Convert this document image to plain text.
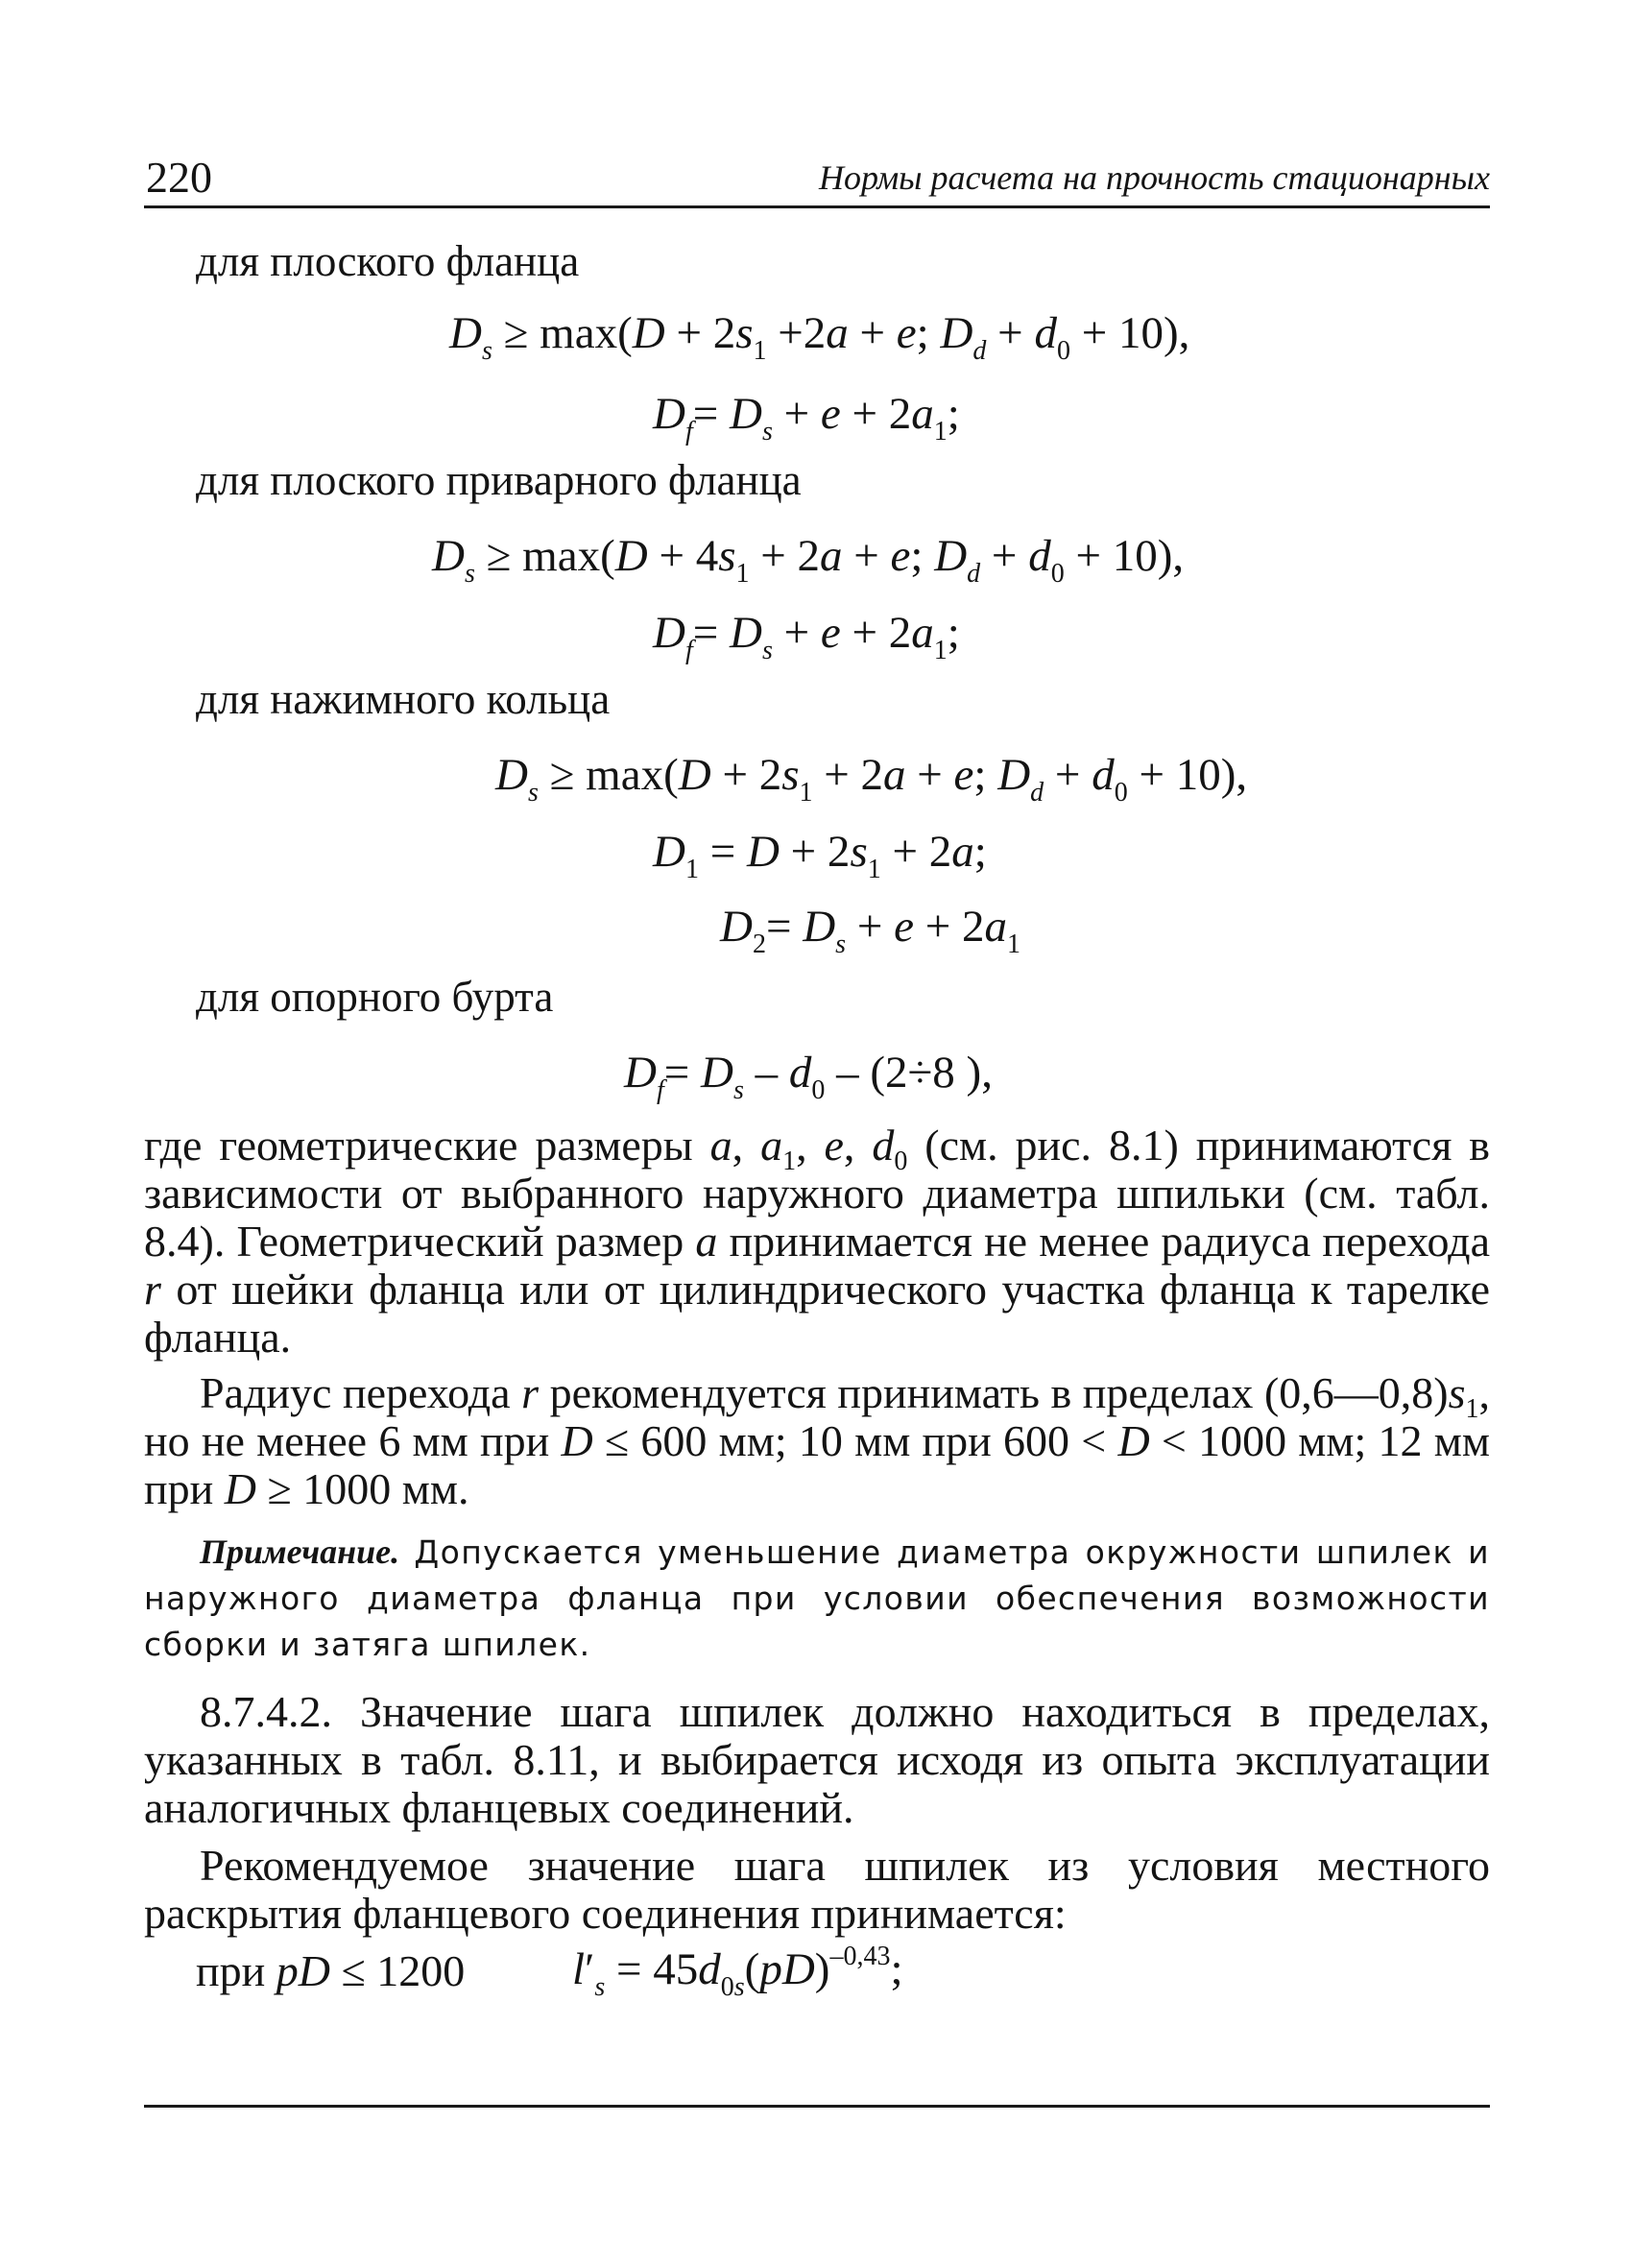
220	Нормы расчета на прочность стационарных
для плоского фланца
$D_s \ge \max(D + 2s_1 +2a + e$; $D_d + d_0 + 10$),
$D_f= D_s + e + 2a_1$;
для плоского приварного фланца
$D_s \ge \max(D + 4s_1 + 2a + e$; $D_d + d_0 + 10$),
$D_f= D_s + e + 2a_1$;
для нажимного кольца
$D_s \ge \max(D + 2s_1 + 2a + e$; $D_d + d_0 + 10$),
$D_1 = D + 2s_1 + 2a$;
$D_2= D_s + e + 2a_1$
для опорного бурта
$D_f= D_s - d_0 - (2\div 8$ ),
где геометрические размеры a, $a_1$, e, $d_0$ (см. рис. 8.1) принимаются в зависимости от выбранного наружного диаметра шпильки (см. табл. 8.4). Геометрический размер a принимается не менее радиуса перехода r от шейки фланца или от цилиндрического участка фланца к тарелке фланца.
Радиус перехода r рекомендуется принимать в пределах $(0,6—0,8)s_1$, но не менее 6 мм при D ≤ 600 мм; 10 мм при 600 < D < 1000 мм; 12 мм при D ≥ 1000 мм.
Примечание. Допускается уменьшение диаметра окружности шпилек и наружного диаметра фланца при условии обеспечения возможности сборки и затяга шпилек.
8.7.4.2. Значение шага шпилек должно находиться в пределах, указанных в табл. 8.11, и выбирается исходя из опыта эксплуатации аналогичных фланцевых соединений.
Рекомендуемое значение шага шпилек из условия местного раскрытия фланцевого соединения принимается:
при pD ≤ 1200 $l'_s = 45d_{0s}(pD)^{-0,43}$;
